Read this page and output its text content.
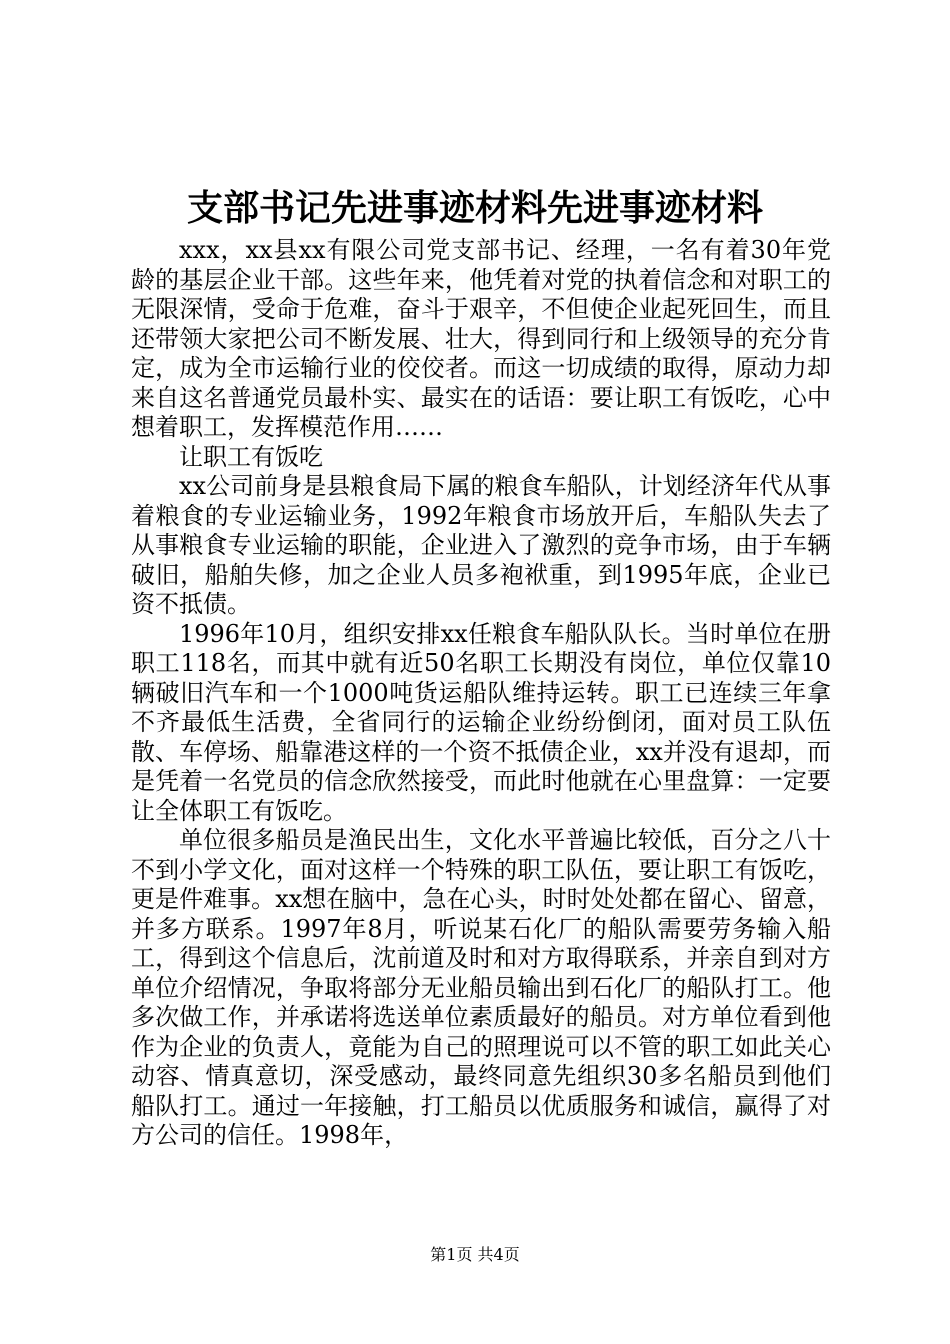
支部书记先进事迹材料先进事迹材料

xxx，xx县xx有限公司党支部书记、经理，一名有着30年党龄的基层企业干部。这些年来，他凭着对党的执着信念和对职工的无限深情，受命于危难，奋斗于艰辛，不但使企业起死回生，而且还带领大家把公司不断发展、壮大，得到同行和上级领导的充分肯定，成为全市运输行业的佼佼者。而这一切成绩的取得，原动力却来自这名普通党员最朴实、最实在的话语：要让职工有饭吃，心中想着职工，发挥模范作用……

让职工有饭吃

xx公司前身是县粮食局下属的粮食车船队，计划经济年代从事着粮食的专业运输业务，1992年粮食市场放开后，车船队失去了从事粮食专业运输的职能，企业进入了激烈的竞争市场，由于车辆破旧，船舶失修，加之企业人员多袍袱重，到1995年底，企业已资不抵债。

1996年10月，组织安排xx任粮食车船队队长。当时单位在册职工118名，而其中就有近50名职工长期没有岗位，单位仅靠10辆破旧汽车和一个1000吨货运船队维持运转。职工已连续三年拿不齐最低生活费，全省同行的运输企业纷纷倒闭，面对员工队伍散、车停场、船靠港这样的一个资不抵债企业，xx并没有退却，而是凭着一名党员的信念欣然接受，而此时他就在心里盘算：一定要让全体职工有饭吃。

单位很多船员是渔民出生，文化水平普遍比较低，百分之八十不到小学文化，面对这样一个特殊的职工队伍，要让职工有饭吃，更是件难事。xx想在脑中，急在心头，时时处处都在留心、留意，并多方联系。1997年8月，听说某石化厂的船队需要劳务输入船工，得到这个信息后，沈前道及时和对方取得联系，并亲自到对方单位介绍情况，争取将部分无业船员输出到石化厂的船队打工。他多次做工作，并承诺将选送单位素质最好的船员。对方单位看到他作为企业的负责人，竟能为自己的照理说可以不管的职工如此关心动容、情真意切，深受感动，最终同意先组织30多名船员到他们船队打工。通过一年接触，打工船员以优质服务和诚信，赢得了对方公司的信任。1998年，

第1页 共4页
